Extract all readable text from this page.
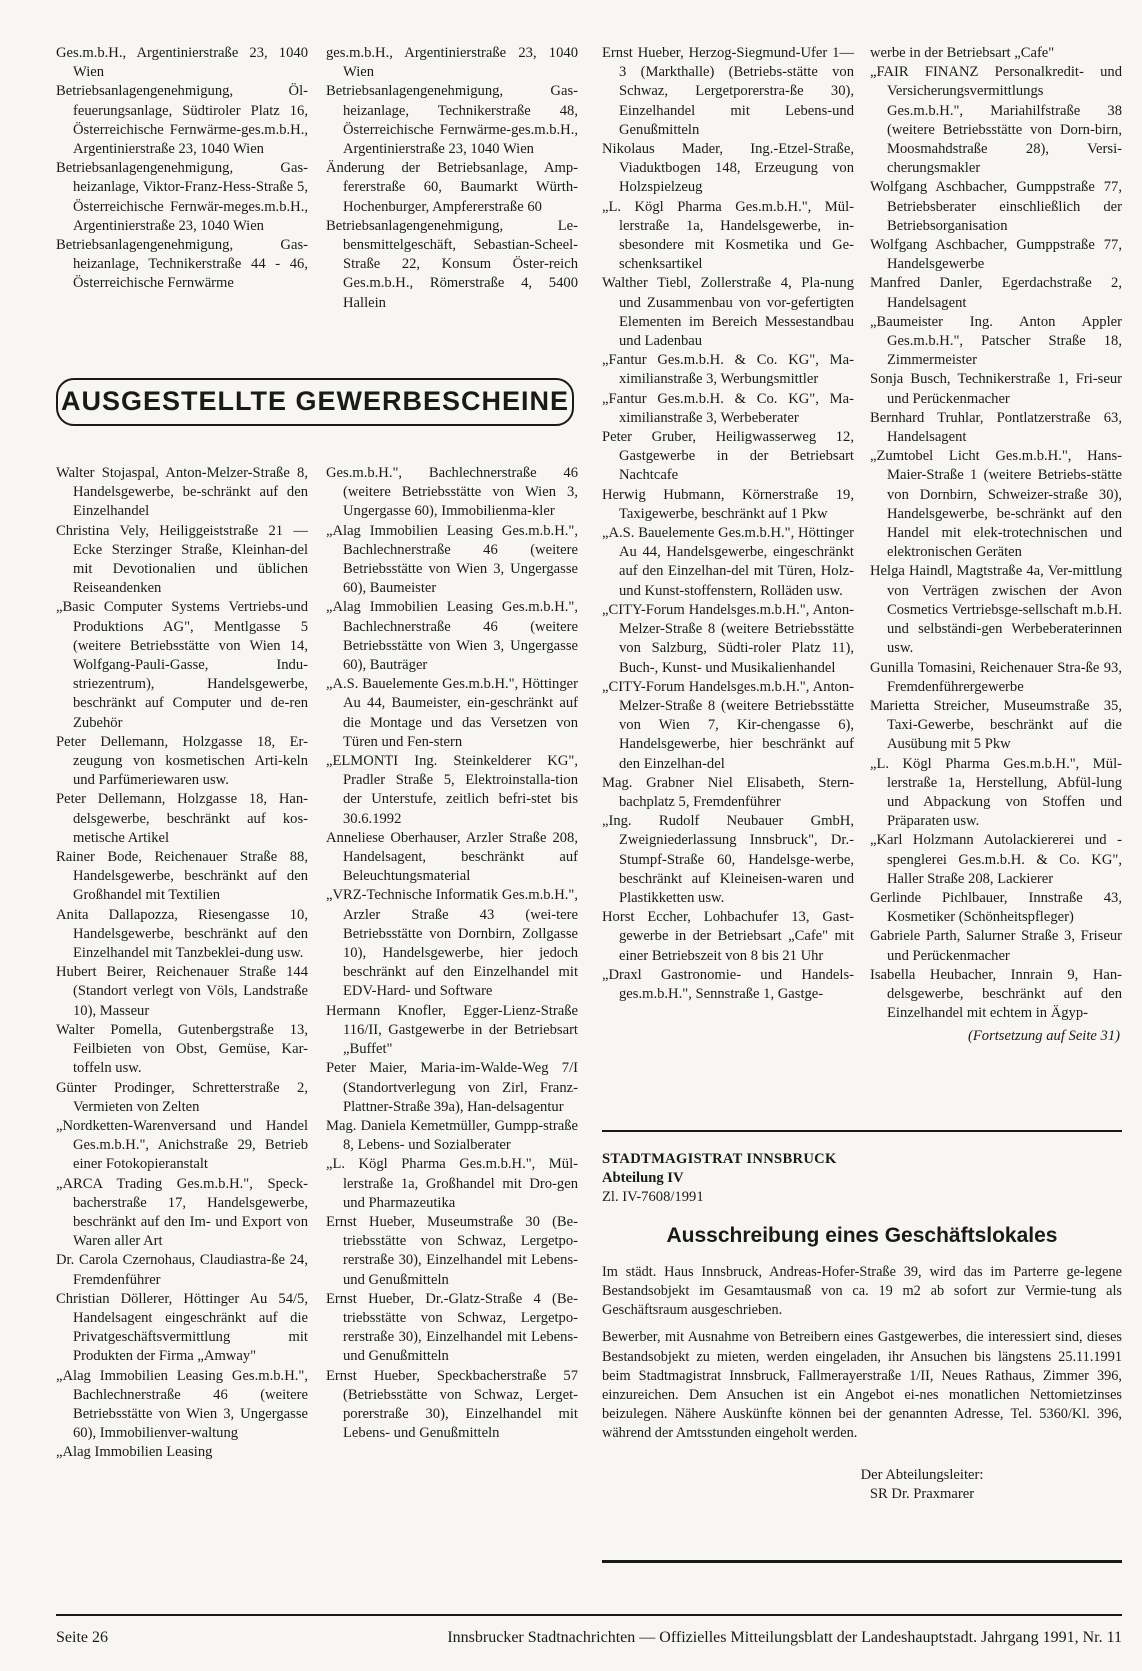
Ges.m.b.H., Argentinierstraße 23, 1040 Wien
Betriebsanlagengenehmigung, Öl-feuerungsanlage, Südtiroler Platz 16, Österreichische Fernwärme-ges.m.b.H., Argentinierstraße 23, 1040 Wien
Betriebsanlagengenehmigung, Gas-heizanlage, Viktor-Franz-Hess-Straße 5, Österreichische Fernwär-meges.m.b.H., Argentinierstraße 23, 1040 Wien
Betriebsanlagengenehmigung, Gas-heizanlage, Technikerstraße 44 - 46, Österreichische Fernwärme
ges.m.b.H., Argentinierstraße 23, 1040 Wien
Betriebsanlagengenehmigung, Gas-heizanlage, Technikerstraße 48, Österreichische Fernwärme-ges.m.b.H., Argentinierstraße 23, 1040 Wien
Änderung der Betriebsanlage, Amp-fererstraße 60, Baumarkt Würth-Hochenburger, Ampfererstraße 60
Betriebsanlagengenehmigung, Le-bensmittelgeschäft, Sebastian-Scheel-Straße 22, Konsum Öster-reich Ges.m.b.H., Römerstraße 4, 5400 Hallein
AUSGESTELLTE GEWERBESCHEINE
Walter Stojaspal, Anton-Melzer-Straße 8, Handelsgewerbe, be-schränkt auf den Einzelhandel
Christina Vely, Heiliggeiststraße 21 — Ecke Sterzinger Straße, Kleinhan-del mit Devotionalien und üblichen Reiseandenken
„Basic Computer Systems Vertriebs-und Produktions AG", Mentlgasse 5 (weitere Betriebsstätte von Wien 14, Wolfgang-Pauli-Gasse, Indu-striezentrum), Handelsgewerbe, beschränkt auf Computer und de-ren Zubehör
Peter Dellemann, Holzgasse 18, Er-zeugung von kosmetischen Arti-keln und Parfümeriewaren usw.
Peter Dellemann, Holzgasse 18, Han-delsgewerbe, beschränkt auf kos-metische Artikel
Rainer Bode, Reichenauer Straße 88, Handelsgewerbe, beschränkt auf den Großhandel mit Textilien
Anita Dallapozza, Riesengasse 10, Handelsgewerbe, beschränkt auf den Einzelhandel mit Tanzbeklei-dung usw.
Hubert Beirer, Reichenauer Straße 144 (Standort verlegt von Völs, Landstraße 10), Masseur
Walter Pomella, Gutenbergstraße 13, Feilbieten von Obst, Gemüse, Kar-toffeln usw.
Günter Prodinger, Schretterstraße 2, Vermieten von Zelten
„Nordketten-Warenversand und Handel Ges.m.b.H.", Anichstraße 29, Betrieb einer Fotokopieranstalt
„ARCA Trading Ges.m.b.H.", Speck-bacherstraße 17, Handelsgewerbe, beschränkt auf den Im- und Export von Waren aller Art
Dr. Carola Czernohaus, Claudiastra-ße 24, Fremdenführer
Christian Döllerer, Höttinger Au 54/5, Handelsagent eingeschränkt auf die Privatgeschäftsvermittlung mit Produkten der Firma „Amway"
„Alag Immobilien Leasing Ges.m.b.H.", Bachlechnerstraße 46 (weitere Betriebsstätte von Wien 3, Ungergasse 60), Immobilienver-waltung
„Alag Immobilien Leasing
Ges.m.b.H.", Bachlechnerstraße 46 (weitere Betriebsstätte von Wien 3, Ungergasse 60), Immobilienma-kler
„Alag Immobilien Leasing Ges.m.b.H.", Bachlechnerstraße 46 (weitere Betriebsstätte von Wien 3, Ungergasse 60), Baumeister
„Alag Immobilien Leasing Ges.m.b.H.", Bachlechnerstraße 46 (weitere Betriebsstätte von Wien 3, Ungergasse 60), Bauträger
„A.S. Bauelemente Ges.m.b.H.", Höttinger Au 44, Baumeister, ein-geschränkt auf die Montage und das Versetzen von Türen und Fen-stern
„ELMONTI Ing. Steinkelderer KG", Pradler Straße 5, Elektroinstalla-tion der Unterstufe, zeitlich befri-stet bis 30.6.1992
Anneliese Oberhauser, Arzler Straße 208, Handelsagent, beschränkt auf Beleuchtungsmaterial
„VRZ-Technische Informatik Ges.m.b.H.", Arzler Straße 43 (wei-tere Betriebsstätte von Dornbirn, Zollgasse 10), Handelsgewerbe, hier jedoch beschränkt auf den Einzelhandel mit EDV-Hard- und Software
Hermann Knofler, Egger-Lienz-Straße 116/II, Gastgewerbe in der Betriebsart „Buffet"
Peter Maier, Maria-im-Walde-Weg 7/I (Standortverlegung von Zirl, Franz-Plattner-Straße 39a), Han-delsagentur
Mag. Daniela Kemetmüller, Gumpp-straße 8, Lebens- und Sozialberater
„L. Kögl Pharma Ges.m.b.H.", Mül-lerstraße 1a, Großhandel mit Dro-gen und Pharmazeutika
Ernst Hueber, Museumstraße 30 (Be-triebsstätte von Schwaz, Lergetpo-rerstraße 30), Einzelhandel mit Lebens- und Genußmitteln
Ernst Hueber, Dr.-Glatz-Straße 4 (Be-triebsstätte von Schwaz, Lergetpo-rerstraße 30), Einzelhandel mit Lebens- und Genußmitteln
Ernst Hueber, Speckbacherstraße 57 (Betriebsstätte von Schwaz, Lerget-porerstraße 30), Einzelhandel mit Lebens- und Genußmitteln
Ernst Hueber, Herzog-Siegmund-Ufer 1—3 (Markthalle) (Betriebs-stätte von Schwaz, Lergetporerstra-ße 30), Einzelhandel mit Lebens-und Genußmitteln
Nikolaus Mader, Ing.-Etzel-Straße, Viaduktbogen 148, Erzeugung von Holzspielzeug
„L. Kögl Pharma Ges.m.b.H.", Mül-lerstraße 1a, Handelsgewerbe, in-sbesondere mit Kosmetika und Ge-schenksartikel
Walther Tiebl, Zollerstraße 4, Pla-nung und Zusammenbau von vor-gefertigten Elementen im Bereich Messestandbau und Ladenbau
„Fantur Ges.m.b.H. & Co. KG", Ma-ximilianstraße 3, Werbungsmittler
„Fantur Ges.m.b.H. & Co. KG", Ma-ximilianstraße 3, Werbeberater
Peter Gruber, Heiligwasserweg 12, Gastgewerbe in der Betriebsart Nachtcafe
Herwig Hubmann, Körnerstraße 19, Taxigewerbe, beschränkt auf 1 Pkw
„A.S. Bauelemente Ges.m.b.H.", Höttinger Au 44, Handelsgewerbe, eingeschränkt auf den Einzelhan-del mit Türen, Holz- und Kunst-stoffenstern, Rolläden usw.
„CITY-Forum Handelsges.m.b.H.", Anton-Melzer-Straße 8 (weitere Betriebsstätte von Salzburg, Südti-roler Platz 11), Buch-, Kunst- und Musikalienhandel
„CITY-Forum Handelsges.m.b.H.", Anton-Melzer-Straße 8 (weitere Betriebsstätte von Wien 7, Kir-chengasse 6), Handelsgewerbe, hier beschränkt auf den Einzelhan-del
Mag. Grabner Niel Elisabeth, Stern-bachplatz 5, Fremdenführer
„Ing. Rudolf Neubauer GmbH, Zweigniederlassung Innsbruck", Dr.-Stumpf-Straße 60, Handelsge-werbe, beschränkt auf Kleineisen-waren und Plastikketten usw.
Horst Eccher, Lohbachufer 13, Gast-gewerbe in der Betriebsart „Cafe" mit einer Betriebszeit von 8 bis 21 Uhr
„Draxl Gastronomie- und Handels-ges.m.b.H.", Sennstraße 1, Gastge-
werbe in der Betriebsart „Cafe"
„FAIR FINANZ Personalkredit- und Versicherungsvermittlungs Ges.m.b.H.", Mariahilfstraße 38 (weitere Betriebsstätte von Dorn-birn, Moosmahdstraße 28), Versi-cherungsmakler
Wolfgang Aschbacher, Gumppstraße 77, Betriebsberater einschließlich der Betriebsorganisation
Wolfgang Aschbacher, Gumppstraße 77, Handelsgewerbe
Manfred Danler, Egerdachstraße 2, Handelsagent
„Baumeister Ing. Anton Appler Ges.m.b.H.", Patscher Straße 18, Zimmermeister
Sonja Busch, Technikerstraße 1, Fri-seur und Perückenmacher
Bernhard Truhlar, Pontlatzerstraße 63, Handelsagent
„Zumtobel Licht Ges.m.b.H.", Hans-Maier-Straße 1 (weitere Betriebs-stätte von Dornbirn, Schweizer-straße 30), Handelsgewerbe, be-schränkt auf den Handel mit elek-trotechnischen und elektronischen Geräten
Helga Haindl, Magtstraße 4a, Ver-mittlung von Verträgen zwischen der Avon Cosmetics Vertriebsge-sellschaft m.b.H. und selbständi-gen Werbeberaterinnen usw.
Gunilla Tomasini, Reichenauer Stra-ße 93, Fremdenführergewerbe
Marietta Streicher, Museumstraße 35, Taxi-Gewerbe, beschränkt auf die Ausübung mit 5 Pkw
„L. Kögl Pharma Ges.m.b.H.", Mül-lerstraße 1a, Herstellung, Abfül-lung und Abpackung von Stoffen und Präparaten usw.
„Karl Holzmann Autolackiererei und -spenglerei Ges.m.b.H. & Co. KG", Haller Straße 208, Lackierer
Gerlinde Pichlbauer, Innstraße 43, Kosmetiker (Schönheitspfleger)
Gabriele Parth, Salurner Straße 3, Friseur und Perückenmacher
Isabella Heubacher, Innrain 9, Han-delsgewerbe, beschränkt auf den Einzelhandel mit echtem in Ägyp-
(Fortsetzung auf Seite 31)
STADTMAGISTRAT INNSBRUCK
Abteilung IV
Zl. IV-7608/1991
Ausschreibung eines Geschäftslokales

Im städt. Haus Innsbruck, Andreas-Hofer-Straße 39, wird das im Parterre ge-legene Bestandsobjekt im Gesamtausmaß von ca. 19 m2 ab sofort zur Vermie-tung als Geschäftsraum ausgeschrieben.

Bewerber, mit Ausnahme von Betreibern eines Gastgewerbes, die interessiert sind, dieses Bestandsobjekt zu mieten, werden eingeladen, ihr Ansuchen bis längstens 25.11.1991 beim Stadtmagistrat Innsbruck, Fallmerayerstraße 1/II, Neues Rathaus, Zimmer 396, einzureichen. Dem Ansuchen ist ein Angebot ei-nes monatlichen Nettomietzinses beizulegen. Nähere Auskünfte können bei der genannten Adresse, Tel. 5360/Kl. 396, während der Amtsstunden eingeholt werden.

Der Abteilungsleiter:
SR Dr. Praxmarer
Seite 26	Innsbrucker Stadtnachrichten — Offizielles Mitteilungsblatt der Landeshauptstadt. Jahrgang 1991, Nr. 11
